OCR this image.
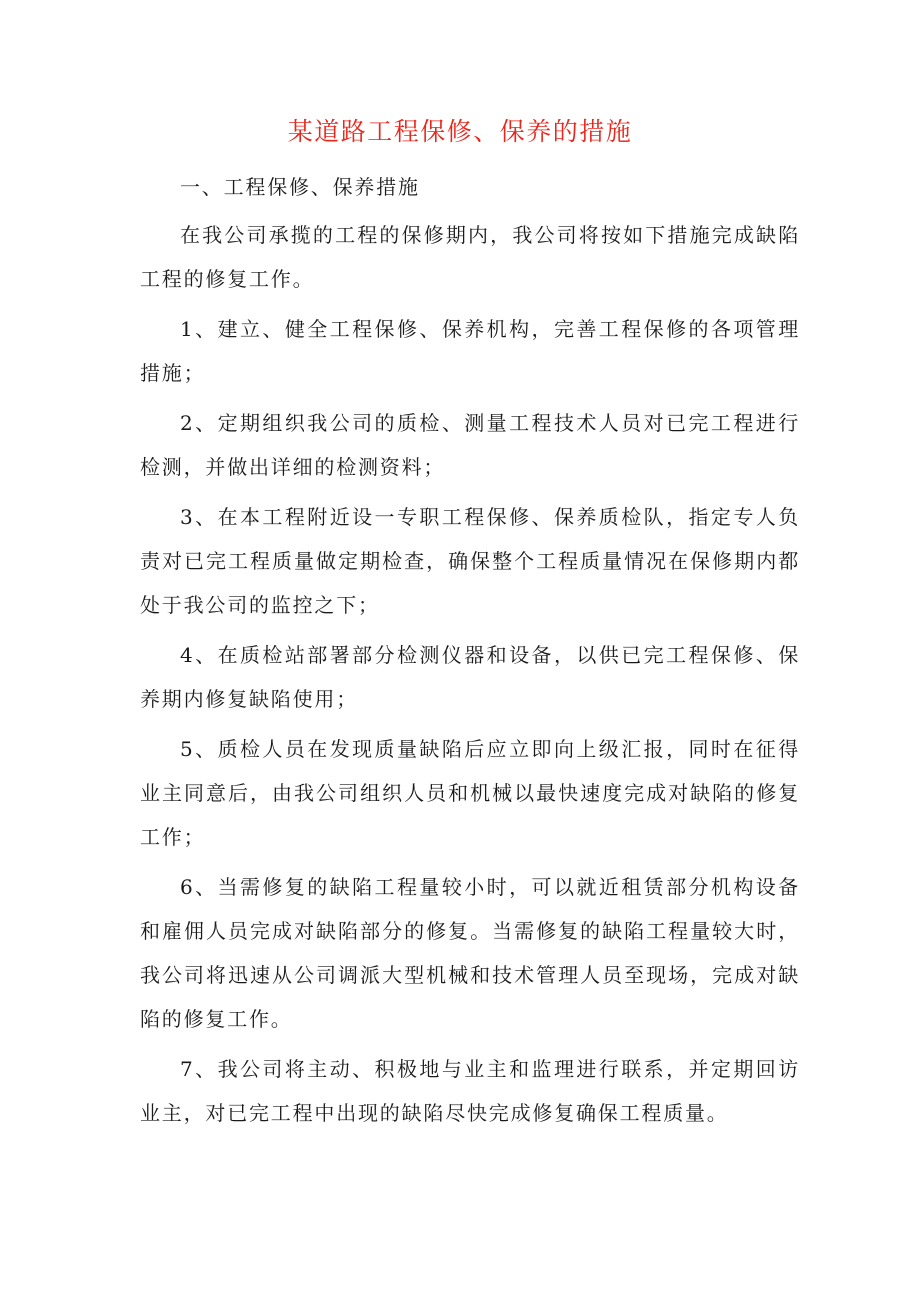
某道路工程保修、保养的措施

一、工程保修、保养措施

在我公司承揽的工程的保修期内，我公司将按如下措施完成缺陷工程的修复工作。

1、建立、健全工程保修、保养机构，完善工程保修的各项管理措施；

2、定期组织我公司的质检、测量工程技术人员对已完工程进行检测，并做出详细的检测资料；

3、在本工程附近设一专职工程保修、保养质检队，指定专人负责对已完工程质量做定期检查，确保整个工程质量情况在保修期内都处于我公司的监控之下；

4、在质检站部署部分检测仪器和设备，以供已完工程保修、保养期内修复缺陷使用；

5、质检人员在发现质量缺陷后应立即向上级汇报，同时在征得业主同意后，由我公司组织人员和机械以最快速度完成对缺陷的修复工作；

6、当需修复的缺陷工程量较小时，可以就近租赁部分机构设备和雇佣人员完成对缺陷部分的修复。当需修复的缺陷工程量较大时，我公司将迅速从公司调派大型机械和技术管理人员至现场，完成对缺陷的修复工作。

7、我公司将主动、积极地与业主和监理进行联系，并定期回访业主，对已完工程中出现的缺陷尽快完成修复确保工程质量。
